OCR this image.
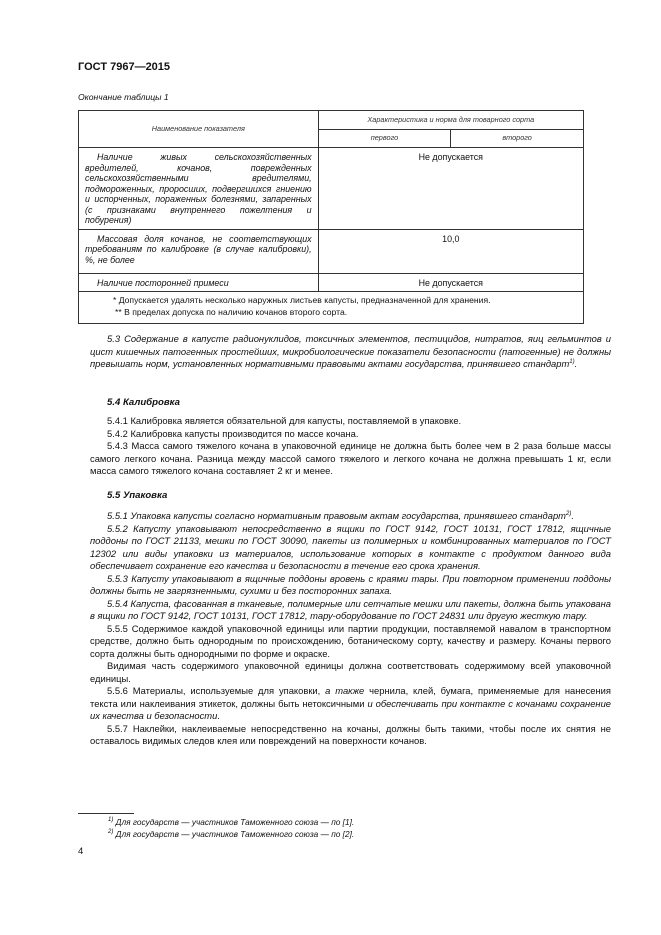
ГОСТ 7967—2015
Окончание таблицы 1
Наименование показателя	Характеристика и норма для товарного сорта	
	первого	второго
Наличие живых сельскохозяйственных вредителей, кочанов, поврежденных сельскохозяйственными вредителями, подмороженных, проросших, подвергшихся гниению и испорченных, пораженных болезнями, запаренных (с признаками внутреннего пожелтения и побурения)	Не допускается	
Массовая доля кочанов, не соответствующих требованиям по калибровке (в случае калибровки), %, не более	10,0	
Наличие посторонней примеси	Не допускается	

* Допускается удалять несколько наружных листьев капусты, предназначенной для хранения.
** В пределах допуска по наличию кочанов второго сорта.		

5.3 Содержание в капусте радионуклидов, токсичных элементов, пестицидов, нитратов, яиц гельминтов и цист кишечных патогенных простейших, микробиологические показатели безопасности (патогенные) не должны превышать норм, установленных нормативными правовыми актами государства, принявшего стандарт$^{1)}$.

5.4 Калибровка

5.4.1 Калибровка является обязательной для капусты, поставляемой в упаковке.

5.4.2 Калибровка капусты производится по массе кочана.

5.4.3 Масса самого тяжелого кочана в упаковочной единице не должна быть более чем в 2 раза больше массы самого легкого кочана. Разница между массой самого тяжелого и легкого кочана не должна превышать 1 кг, если масса самого тяжелого кочана составляет 2 кг и менее.

5.5 Упаковка

5.5.1 Упаковка капусты согласно нормативным правовым актам государства, принявшего стандарт$^{2)}$.

5.5.2 Капусту упаковывают непосредственно в ящики по ГОСТ 9142, ГОСТ 10131, ГОСТ 17812, ящичные поддоны по ГОСТ 21133, мешки по ГОСТ 30090, пакеты из полимерных и комбинированных материалов по ГОСТ 12302 или виды упаковки из материалов, использование которых в контакте с продуктом данного вида обеспечивает сохранение его качества и безопасности в течение его срока хранения.

5.5.3 Капусту упаковывают в ящичные поддоны вровень с краями тары. При повторном применении поддоны должны быть не загрязненными, сухими и без посторонних запаха.

5.5.4 Капуста, фасованная в тканевые, полимерные или сетчатые мешки или пакеты, должна быть упакована в ящики по ГОСТ 9142, ГОСТ 10131, ГОСТ 17812, тару-оборудование по ГОСТ 24831 или другую жесткую тару.

5.5.5 Содержимое каждой упаковочной единицы или партии продукции, поставляемой навалом в транспортном средстве, должно быть однородным по происхождению, ботаническому сорту, качеству и размеру. Кочаны первого сорта должны быть однородными по форме и окраске.

Видимая часть содержимого упаковочной единицы должна соответствовать содержимому всей упаковочной единицы.

5.5.6 Материалы, используемые для упаковки, а также чернила, клей, бумага, применяемые для нанесения текста или наклеивания этикеток, должны быть нетоксичными и обеспечивать при контакте с кочанами сохранение их качества и безопасности.

5.5.7 Наклейки, наклеиваемые непосредственно на кочаны, должны быть такими, чтобы после их снятия не оставалось видимых следов клея или повреждений на поверхности кочанов.

$^{1)}$ Для государств — участников Таможенного союза — по [1].
$^{2)}$ Для государств — участников Таможенного союза — по [2].
4
